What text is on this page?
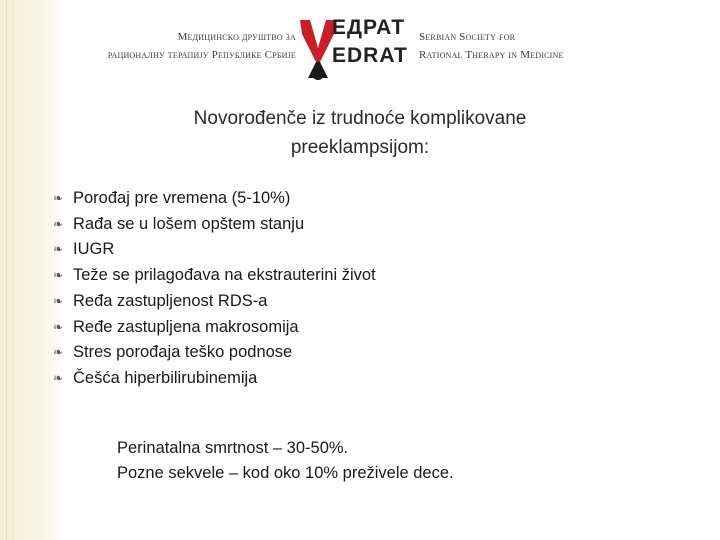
Медицинско друштво за
рационалну терапију Републике Србије
ЕДРАТ
EDRAT
Serbian Society for
Rational Therapy in Medicine
Novorođenče iz trudnoće komplikovane
preeklampsijom:
❧ Porođaj pre vremena (5-10%)
❧ Rađa se u lošem opštem stanju
❧ IUGR
❧ Teže se prilagođava na ekstrauterini život
❧ Ređa zastupljenost RDS-a
❧ Ređe zastupljena makrosomija
❧ Stres porođaja teško podnose
❧ Češća hiperbilirubinemija
Perinatalna smrtnost – 30-50%.
Pozne sekvele – kod oko 10% preživele dece.
